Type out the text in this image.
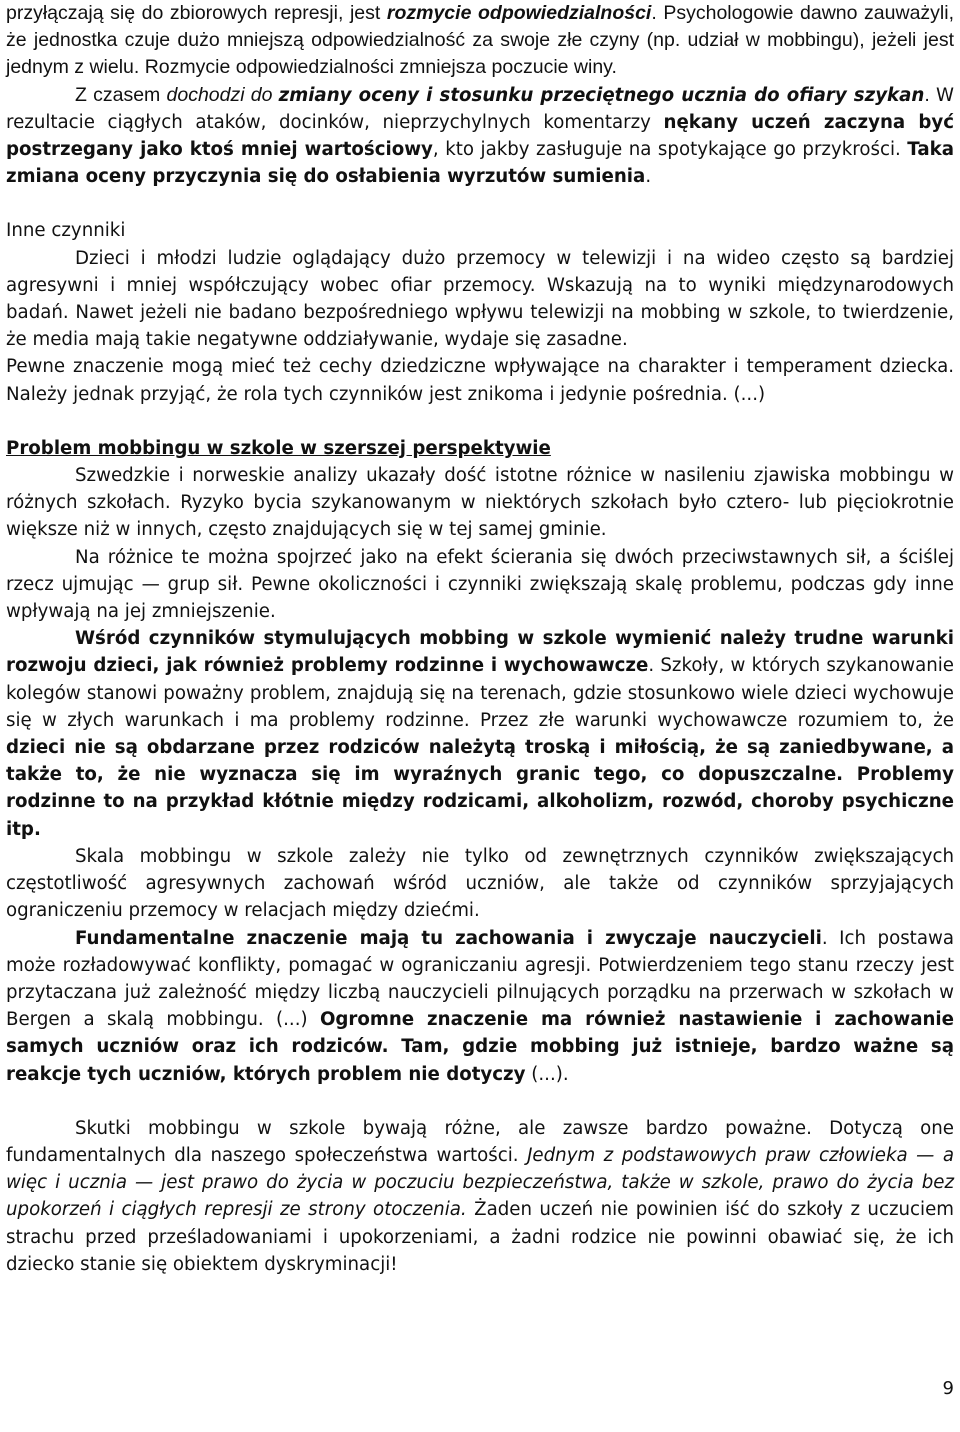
przyłączają się do zbiorowych represji, jest rozmycie odpowiedzialności. Psychologowie dawno zauważyli, że jednostka czuje dużo mniejszą odpowiedzialność za swoje złe czyny (np. udział w mobbingu), jeżeli jest jednym z wielu. Rozmycie odpowiedzialności zmniejsza poczucie winy.

Z czasem dochodzi do zmiany oceny i stosunku przeciętnego ucznia do ofiary szykan. W rezultacie ciągłych ataków, docinków, nieprzychylnych komentarzy nękany uczeń zaczyna być postrzegany jako ktoś mniej wartościowy, kto jakby zasługuje na spotykające go przykrości. Taka zmiana oceny przyczynia się do osłabienia wyrzutów sumienia.

Inne czynniki

Dzieci i młodzi ludzie oglądający dużo przemocy w telewizji i na wideo często są bardziej agresywni i mniej współczujący wobec ofiar przemocy. Wskazują na to wyniki międzynarodowych badań. Nawet jeżeli nie badano bezpośredniego wpływu telewizji na mobbing w szkole, to twierdzenie, że media mają takie negatywne oddziaływanie, wydaje się zasadne.

Pewne znaczenie mogą mieć też cechy dziedziczne wpływające na charakter i temperament dziecka. Należy jednak przyjąć, że rola tych czynników jest znikoma i jedynie pośrednia. (...)

Problem mobbingu w szkole w szerszej perspektywie

Szwedzkie i norweskie analizy ukazały dość istotne różnice w nasileniu zjawiska mobbingu w różnych szkołach. Ryzyko bycia szykanowanym w niektórych szkołach było cztero- lub pięciokrotnie większe niż w innych, często znajdujących się w tej samej gminie.

Na różnice te można spojrzeć jako na efekt ścierania się dwóch przeciwstawnych sił, a ściślej rzecz ujmując — grup sił. Pewne okoliczności i czynniki zwiększają skalę problemu, podczas gdy inne wpływają na jej zmniejszenie.

Wśród czynników stymulujących mobbing w szkole wymienić należy trudne warunki rozwoju dzieci, jak również problemy rodzinne i wychowawcze. Szkoły, w których szykanowanie kolegów stanowi poważny problem, znajdują się na terenach, gdzie stosunkowo wiele dzieci wychowuje się w złych warunkach i ma problemy rodzinne. Przez złe warunki wychowawcze rozumiem to, że dzieci nie są obdarzane przez rodziców należytą troską i miłością, że są zaniedbywane, a także to, że nie wyznacza się im wyraźnych granic tego, co dopuszczalne. Problemy rodzinne to na przykład kłótnie między rodzicami, alkoholizm, rozwód, choroby psychiczne itp.

Skala mobbingu w szkole zależy nie tylko od zewnętrznych czynników zwiększających częstotliwość agresywnych zachowań wśród uczniów, ale także od czynników sprzyjających ograniczeniu przemocy w relacjach między dziećmi.

Fundamentalne znaczenie mają tu zachowania i zwyczaje nauczycieli. Ich postawa może rozładowywać konflikty, pomagać w ograniczaniu agresji. Potwierdzeniem tego stanu rzeczy jest przytaczana już zależność między liczbą nauczycieli pilnujących porządku na przerwach w szkołach w Bergen a skalą mobbingu. (...) Ogromne znaczenie ma również nastawienie i zachowanie samych uczniów oraz ich rodziców. Tam, gdzie mobbing już istnieje, bardzo ważne są reakcje tych uczniów, których problem nie dotyczy (...).

Skutki mobbingu w szkole bywają różne, ale zawsze bardzo poważne. Dotyczą one fundamentalnych dla naszego społeczeństwa wartości. Jednym z podstawowych praw człowieka — a więc i ucznia — jest prawo do życia w poczuciu bezpieczeństwa, także w szkole, prawo do życia bez upokorzeń i ciągłych represji ze strony otoczenia. Żaden uczeń nie powinien iść do szkoły z uczuciem strachu przed prześladowaniami i upokorzeniami, a żadni rodzice nie powinni obawiać się, że ich dziecko stanie się obiektem dyskryminacji!

9
